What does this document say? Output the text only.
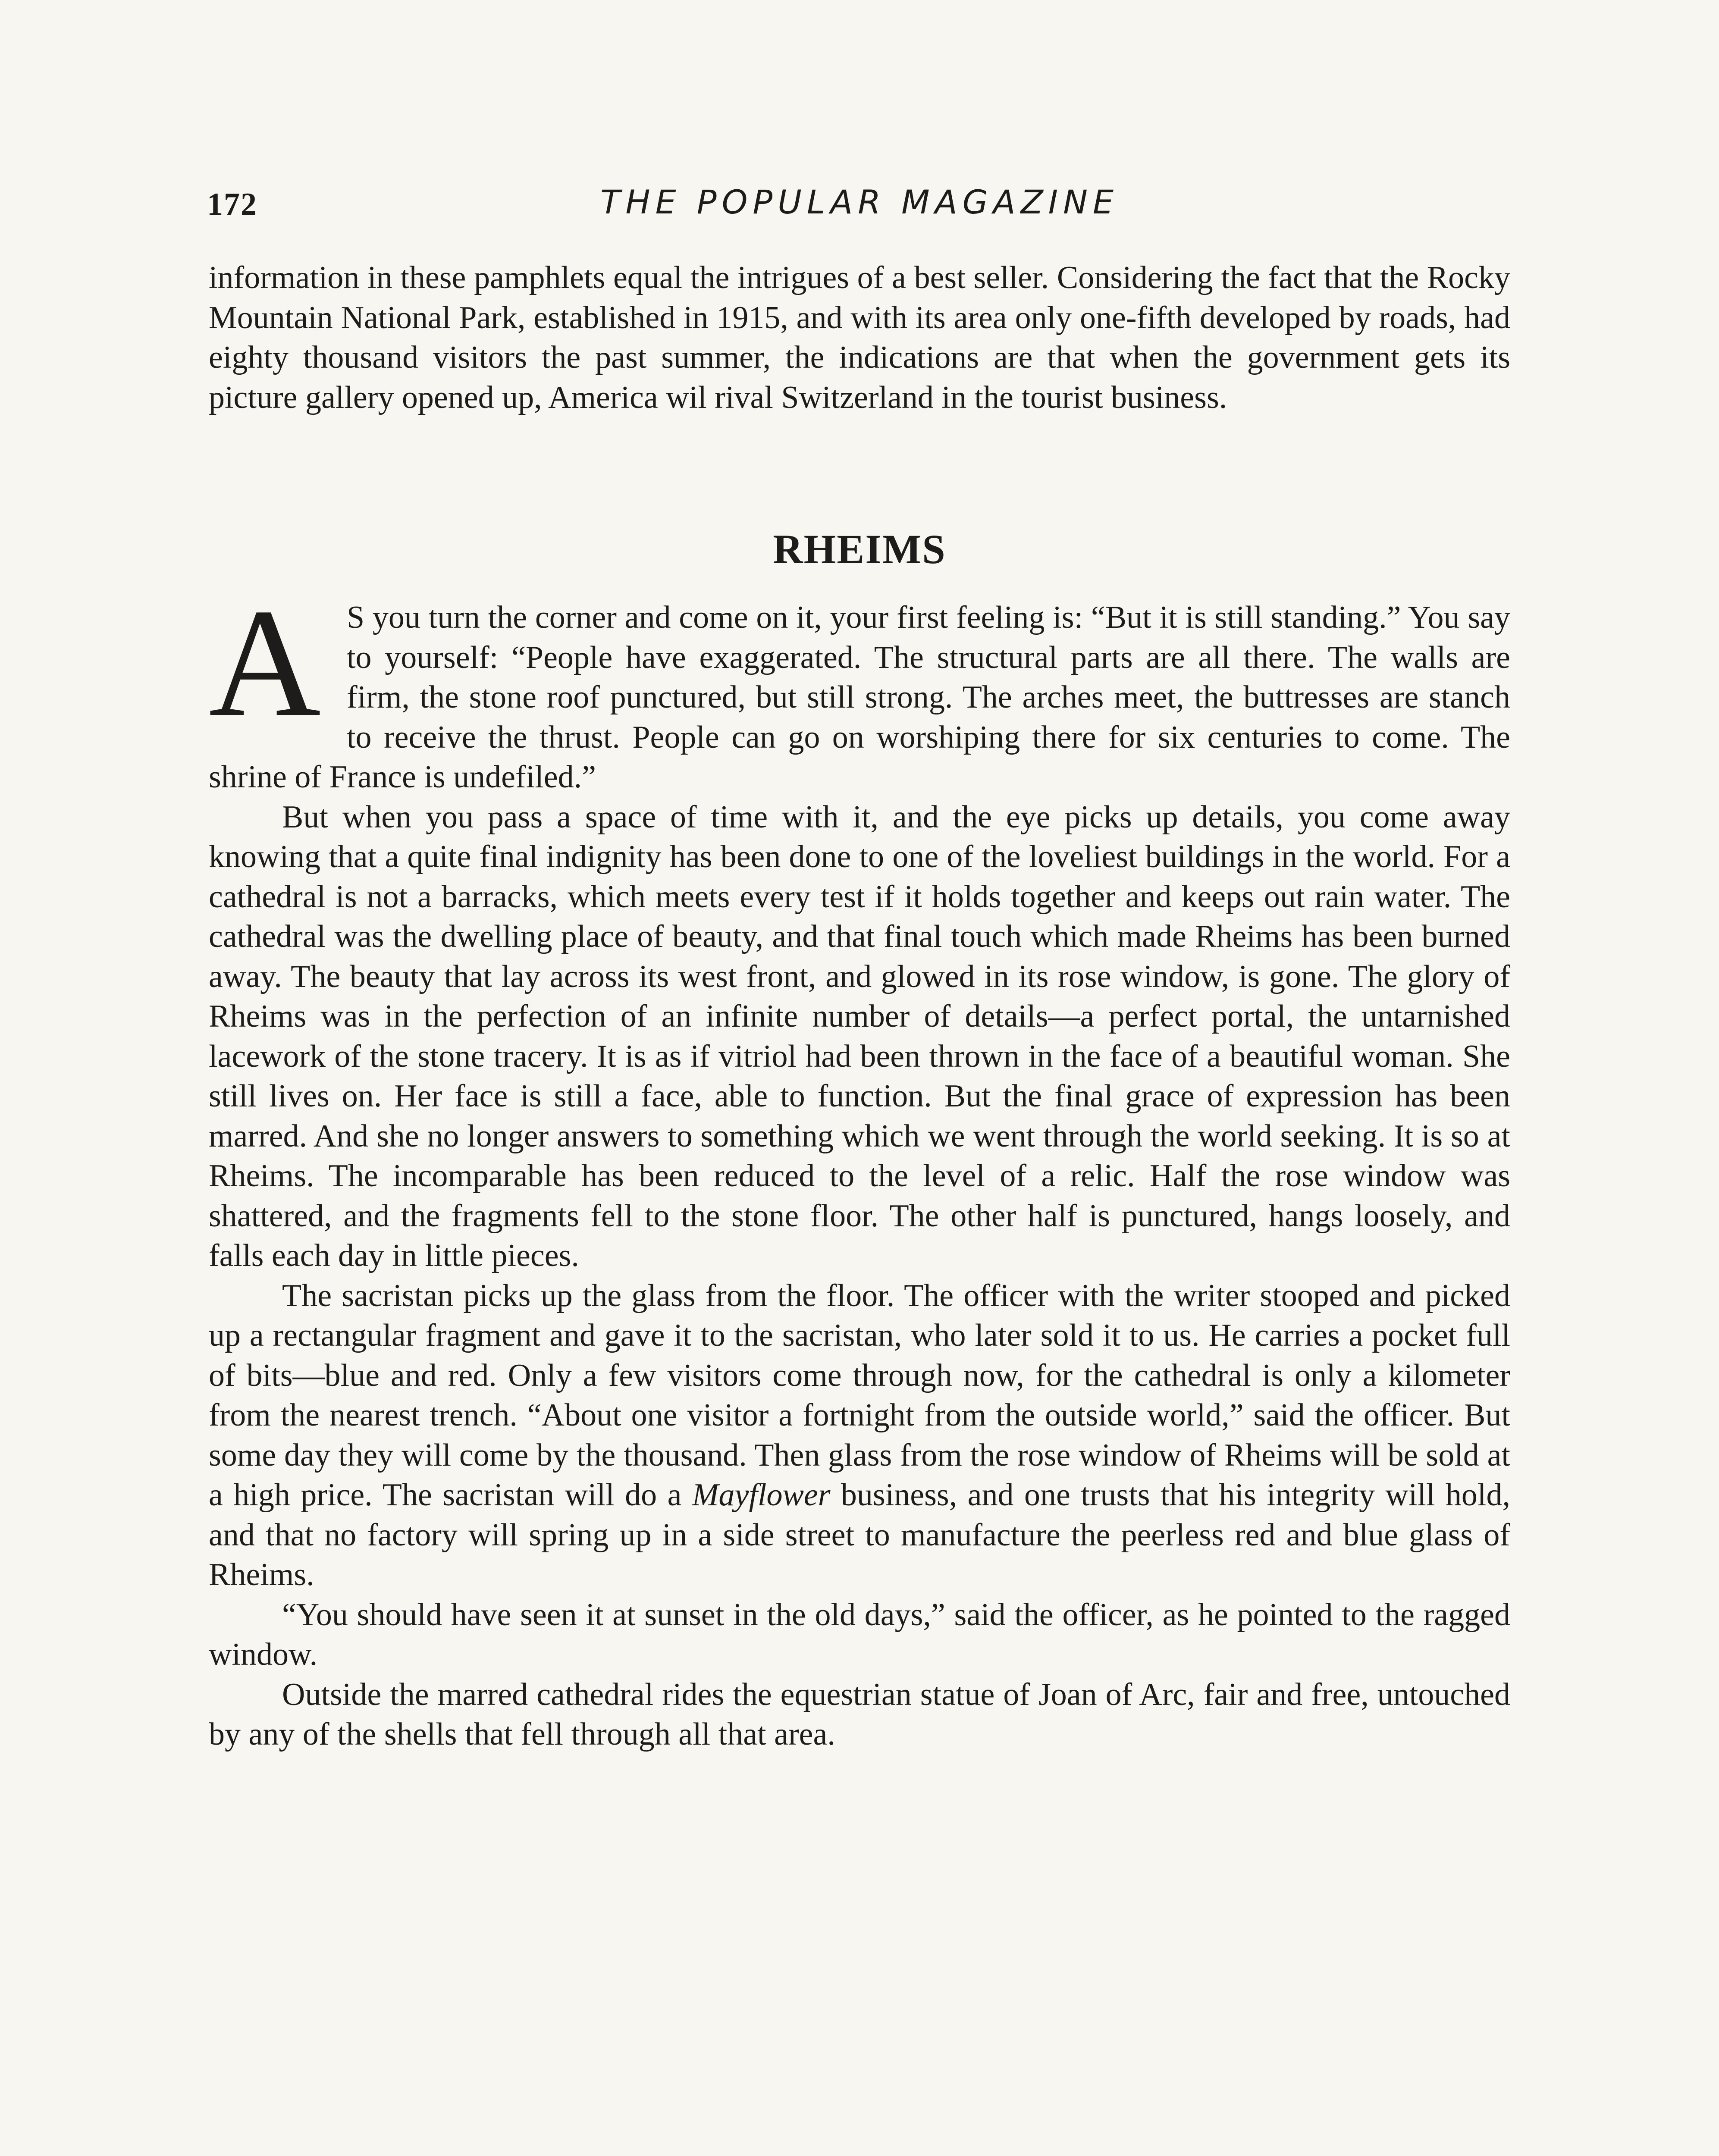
172	THE POPULAR MAGAZINE

information in these pamphlets equal the intrigues of a best seller. Considering the fact that the Rocky Mountain National Park, established in 1915, and with its area only one-fifth developed by roads, had eighty thousand visitors the past summer, the indications are that when the government gets its picture gallery opened up, America wil rival Switzerland in the tourist business.

RHEIMS

A S you turn the corner and come on it, your first feeling is: “But it is still standing.” You say to yourself: “People have exaggerated. The structural parts are all there. The walls are firm, the stone roof punctured, but still strong. The arches meet, the buttresses are stanch to receive the thrust. People can go on worshiping there for six centuries to come. The shrine of France is undefiled.”

But when you pass a space of time with it, and the eye picks up details, you come away knowing that a quite final indignity has been done to one of the loveliest buildings in the world. For a cathedral is not a barracks, which meets every test if it holds together and keeps out rain water. The cathedral was the dwelling place of beauty, and that final touch which made Rheims has been burned away. The beauty that lay across its west front, and glowed in its rose window, is gone. The glory of Rheims was in the perfection of an infinite number of details—a perfect portal, the untarnished lacework of the stone tracery. It is as if vitriol had been thrown in the face of a beautiful woman. She still lives on. Her face is still a face, able to function. But the final grace of expression has been marred. And she no longer answers to something which we went through the world seeking. It is so at Rheims. The incomparable has been reduced to the level of a relic. Half the rose window was shattered, and the fragments fell to the stone floor. The other half is punctured, hangs loosely, and falls each day in little pieces.

The sacristan picks up the glass from the floor. The officer with the writer stooped and picked up a rectangular fragment and gave it to the sacristan, who later sold it to us. He carries a pocket full of bits—blue and red. Only a few visitors come through now, for the cathedral is only a kilometer from the nearest trench. “About one visitor a fortnight from the outside world,” said the officer. But some day they will come by the thousand. Then glass from the rose window of Rheims will be sold at a high price. The sacristan will do a Mayflower business, and one trusts that his integrity will hold, and that no factory will spring up in a side street to manufacture the peerless red and blue glass of Rheims.

“You should have seen it at sunset in the old days,” said the officer, as he pointed to the ragged window.

Outside the marred cathedral rides the equestrian statue of Joan of Arc, fair and free, untouched by any of the shells that fell through all that area.
